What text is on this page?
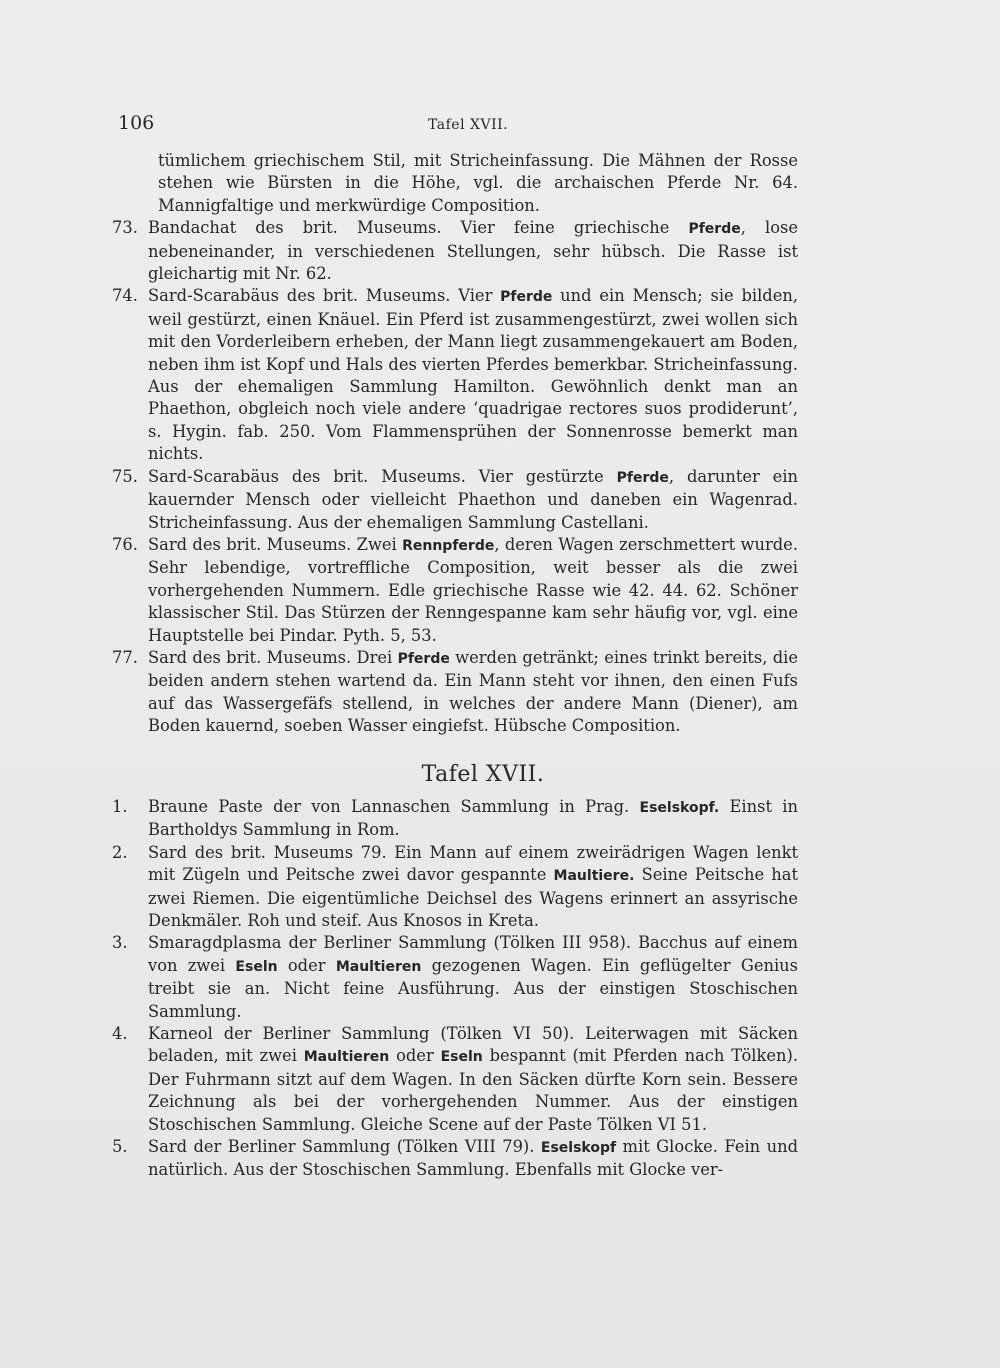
106	Tafel XVII.

tümlichem griechischem Stil, mit Stricheinfassung. Die Mähnen der Rosse stehen wie Bürsten in die Höhe, vgl. die archaischen Pferde Nr. 64. Mannigfaltige und merkwürdige Composition.

73. Bandachat des brit. Museums. Vier feine griechische Pferde, lose nebeneinander, in verschiedenen Stellungen, sehr hübsch. Die Rasse ist gleichartig mit Nr. 62.

74. Sard-Scarabäus des brit. Museums. Vier Pferde und ein Mensch; sie bilden, weil gestürzt, einen Knäuel. Ein Pferd ist zusammengestürzt, zwei wollen sich mit den Vorderleibern erheben, der Mann liegt zusammengekauert am Boden, neben ihm ist Kopf und Hals des vierten Pferdes bemerkbar. Stricheinfassung. Aus der ehemaligen Sammlung Hamilton. Gewöhnlich denkt man an Phaethon, obgleich noch viele andere ‘quadrigae rectores suos prodiderunt’, s. Hygin. fab. 250. Vom Flammensprühen der Sonnenrosse bemerkt man nichts.

75. Sard-Scarabäus des brit. Museums. Vier gestürzte Pferde, darunter ein kauernder Mensch oder vielleicht Phaethon und daneben ein Wagenrad. Stricheinfassung. Aus der ehemaligen Sammlung Castellani.

76. Sard des brit. Museums. Zwei Rennpferde, deren Wagen zerschmettert wurde. Sehr lebendige, vortreffliche Composition, weit besser als die zwei vorhergehenden Nummern. Edle griechische Rasse wie 42. 44. 62. Schöner klassischer Stil. Das Stürzen der Renngespanne kam sehr häufig vor, vgl. eine Hauptstelle bei Pindar. Pyth. 5, 53.

77. Sard des brit. Museums. Drei Pferde werden getränkt; eines trinkt bereits, die beiden andern stehen wartend da. Ein Mann steht vor ihnen, den einen Fufs auf das Wassergefäfs stellend, in welches der andere Mann (Diener), am Boden kauernd, soeben Wasser eingiefst. Hübsche Composition.

Tafel XVII.

1. Braune Paste der von Lannaschen Sammlung in Prag. Eselskopf. Einst in Bartholdys Sammlung in Rom.

2. Sard des brit. Museums 79. Ein Mann auf einem zweirädrigen Wagen lenkt mit Zügeln und Peitsche zwei davor gespannte Maultiere. Seine Peitsche hat zwei Riemen. Die eigentümliche Deichsel des Wagens erinnert an assyrische Denkmäler. Roh und steif. Aus Knosos in Kreta.

3. Smaragdplasma der Berliner Sammlung (Tölken III 958). Bacchus auf einem von zwei Eseln oder Maultieren gezogenen Wagen. Ein geflügelter Genius treibt sie an. Nicht feine Ausführung. Aus der einstigen Stoschischen Sammlung.

4. Karneol der Berliner Sammlung (Tölken VI 50). Leiterwagen mit Säcken beladen, mit zwei Maultieren oder Eseln bespannt (mit Pferden nach Tölken). Der Fuhrmann sitzt auf dem Wagen. In den Säcken dürfte Korn sein. Bessere Zeichnung als bei der vorhergehenden Nummer. Aus der einstigen Stoschischen Sammlung. Gleiche Scene auf der Paste Tölken VI 51.

5. Sard der Berliner Sammlung (Tölken VIII 79). Eselskopf mit Glocke. Fein und natürlich. Aus der Stoschischen Sammlung. Ebenfalls mit Glocke ver-
